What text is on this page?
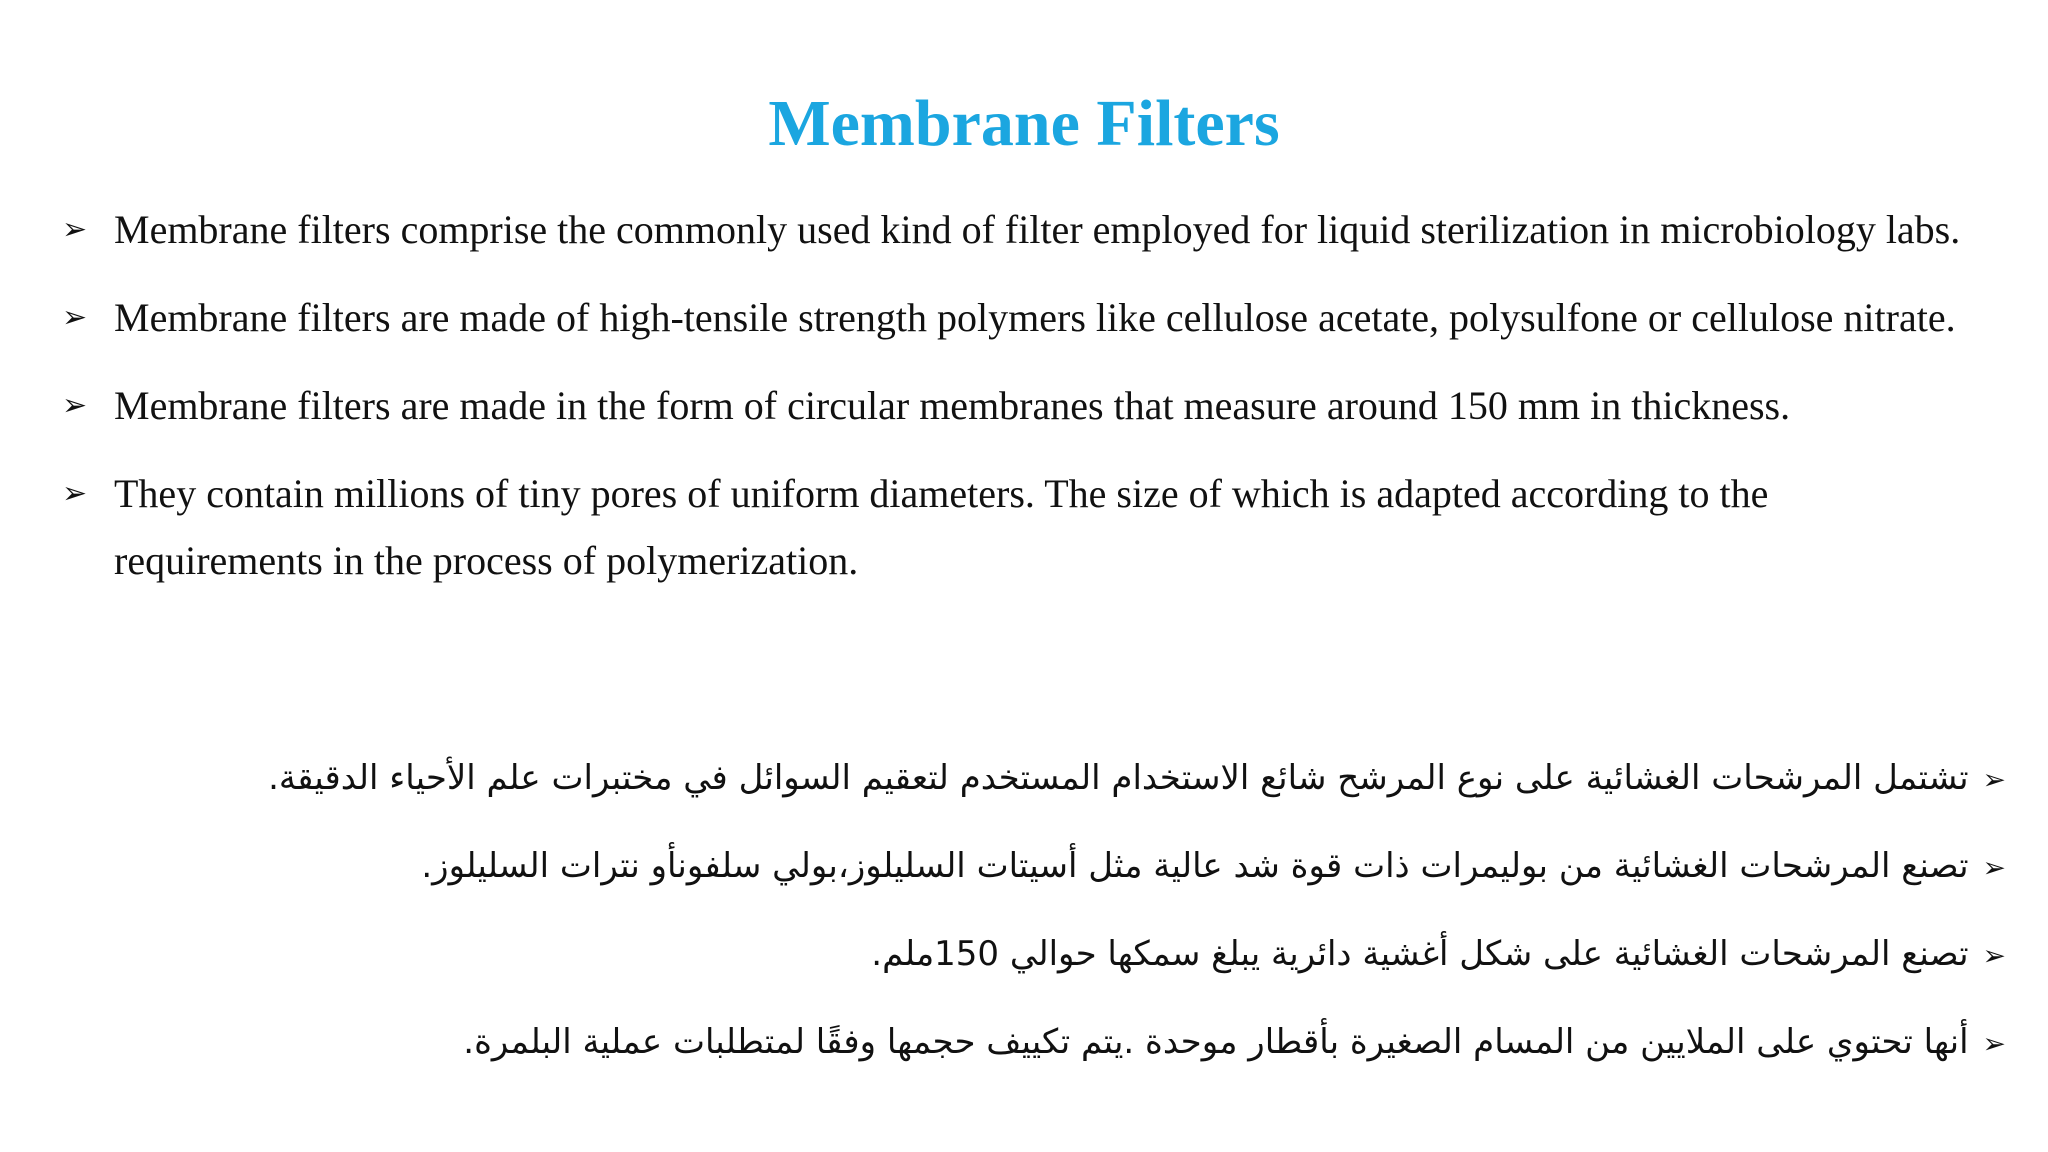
Membrane Filters
➢ Membrane filters comprise the commonly used kind of filter employed for liquid sterilization in microbiology labs.
➢ Membrane filters are made of high-tensile strength polymers like cellulose acetate, polysulfone or cellulose nitrate.
➢ Membrane filters are made in the form of circular membranes that measure around 150 mm in thickness.
➢ They contain millions of tiny pores of uniform diameters. The size of which is adapted according to the requirements in the process of polymerization.
➢تشتمل المرشحات الغشائية على نوع المرشح شائع الاستخدام المستخدم لتعقيم السوائل في مختبرات علم الأحياء الدقيقة.
➢تصنع المرشحات الغشائية من بوليمرات ذات قوة شد عالية مثل أسيتات السليلوز،بولي سلفونأو نترات السليلوز.
➢تصنع المرشحات الغشائية على شكل أغشية دائرية يبلغ سمكها حوالي 150ملم.
➢أنها تحتوي على الملايين من المسام الصغيرة بأقطار موحدة .يتم تكييف حجمها وفقًا لمتطلبات عملية البلمرة.
